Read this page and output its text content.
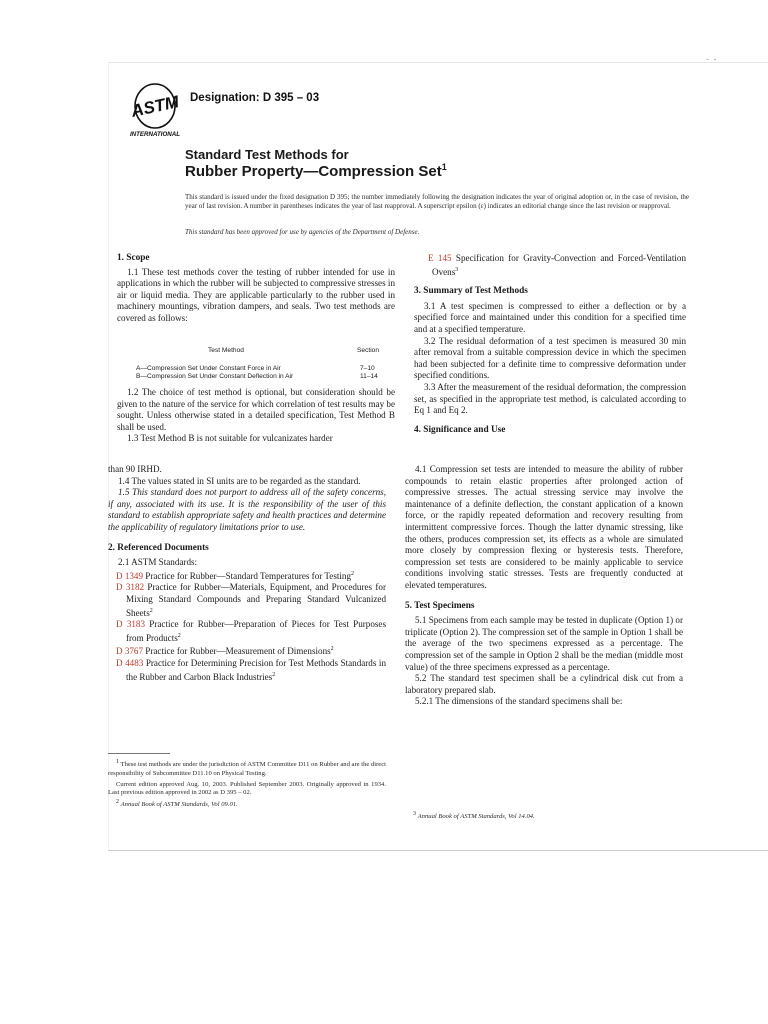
- -
ASTM
INTERNATIONAL
Designation: D 395 – 03
Standard Test Methods for
Rubber Property—Compression Set$^1$
This standard is issued under the fixed designation D 395; the number immediately following the designation indicates the year of original adoption or, in the case of revision, the year of last revision. A number in parentheses indicates the year of last reapproval. A superscript epsilon (ε) indicates an editorial change since the last revision or reapproval.
This standard has been approved for use by agencies of the Department of Defense.

1. Scope

1.1 These test methods cover the testing of rubber intended for use in applications in which the rubber will be subjected to compressive stresses in air or liquid media. They are applicable particularly to the rubber used in machinery mountings, vibration dampers, and seals. Two test methods are covered as follows:

Test Method	Section
A—Compression Set Under Constant Force in Air	7–10
B—Compression Set Under Constant Deflection in Air	11–14

1.2 The choice of test method is optional, but consideration should be given to the nature of the service for which correlation of test results may be sought. Unless otherwise stated in a detailed specification, Test Method B shall be used.

1.3 Test Method B is not suitable for vulcanizates harder

E 145 Specification for Gravity-Convection and Forced-Ventilation Ovens$^3$

3. Summary of Test Methods

3.1 A test specimen is compressed to either a deflection or by a specified force and maintained under this condition for a specified time and at a specified temperature.

3.2 The residual deformation of a test specimen is measured 30 min after removal from a suitable compression device in which the specimen had been subjected for a definite time to compressive deformation under specified conditions.

3.3 After the measurement of the residual deformation, the compression set, as specified in the appropriate test method, is calculated according to Eq 1 and Eq 2.

4. Significance and Use

than 90 IRHD.

1.4 The values stated in SI units are to be regarded as the standard.

1.5 This standard does not purport to address all of the safety concerns, if any, associated with its use. It is the responsibility of the user of this standard to establish appropriate safety and health practices and determine the applicability of regulatory limitations prior to use.

2. Referenced Documents

2.1 ASTM Standards:

D 1349 Practice for Rubber—Standard Temperatures for Testing$^2$

D 3182 Practice for Rubber—Materials, Equipment, and Procedures for Mixing Standard Compounds and Preparing Standard Vulcanized Sheets$^2$

D 3183 Practice for Rubber—Preparation of Pieces for Test Purposes from Products$^2$

D 3767 Practice for Rubber—Measurement of Dimensions$^2$

D 4483 Practice for Determining Precision for Test Methods Standards in the Rubber and Carbon Black Industries$^2$

4.1 Compression set tests are intended to measure the ability of rubber compounds to retain elastic properties after prolonged action of compressive stresses. The actual stressing service may involve the maintenance of a definite deflection, the constant application of a known force, or the rapidly repeated deformation and recovery resulting from intermittent compressive forces. Though the latter dynamic stressing, like the others, produces compression set, its effects as a whole are simulated more closely by compression flexing or hysteresis tests. Therefore, compression set tests are considered to be mainly applicable to service conditions involving static stresses. Tests are frequently conducted at elevated temperatures.

5. Test Specimens

5.1 Specimens from each sample may be tested in duplicate (Option 1) or triplicate (Option 2). The compression set of the sample in Option 1 shall be the average of the two specimens expressed as a percentage. The compression set of the sample in Option 2 shall be the median (middle most value) of the three specimens expressed as a percentage.

5.2 The standard test specimen shall be a cylindrical disk cut from a laboratory prepared slab.

5.2.1 The dimensions of the standard specimens shall be:

$^1$ These test methods are under the jurisdiction of ASTM Committee D11 on Rubber and are the direct responsibility of Subcommittee D11.10 on Physical Testing.

Current edition approved Aug. 10, 2003. Published September 2003. Originally approved in 1934. Last previous edition approved in 2002 as D 395 – 02.

$^2$ Annual Book of ASTM Standards, Vol 09.01.

$^3$ Annual Book of ASTM Standards, Vol 14.04.
